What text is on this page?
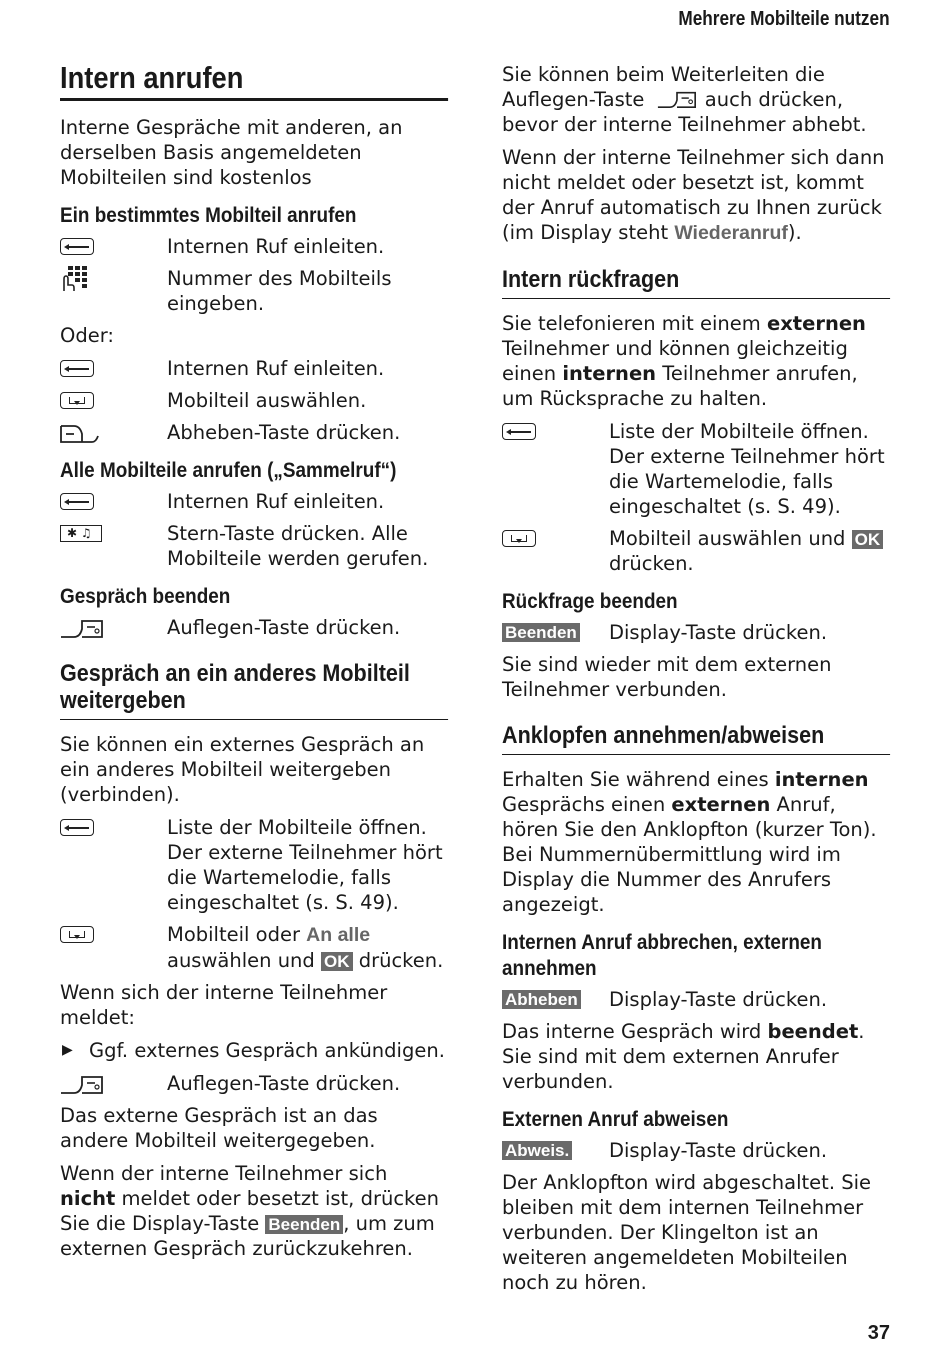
Mehrere Mobilteile nutzen
Intern anrufen

Interne Gespräche mit anderen, an derselben Basis angemeldeten Mobilteilen sind kostenlos

Ein bestimmtes Mobilteil anrufen
Internen Ruf einleiten.
Nummer des Mobilteils eingeben.

Oder:

Internen Ruf einleiten.
Mobilteil auswählen.
Abheben-Taste drücken.
Alle Mobilteile anrufen („Sammelruf“)
Internen Ruf einleiten.
✱ ♫	Stern-Taste drücken. Alle Mobilteile werden gerufen.
Gespräch beenden
Auflegen-Taste drücken.
Gespräch an ein anderes Mobilteil weitergeben

Sie können ein externes Gespräch an ein anderes Mobilteil weitergeben (verbinden).

Liste der Mobilteile öffnen. Der externe Teilnehmer hört die Wartemelodie, falls eingeschaltet (s. S. 49).
Mobilteil oder An alle auswählen und OK drücken.

Wenn sich der interne Teilnehmer meldet:

▶ Ggf. externes Gespräch ankündigen.
Auflegen-Taste drücken.

Das externe Gespräch ist an das andere Mobilteil weitergegeben.

Wenn der interne Teilnehmer sich nicht meldet oder besetzt ist, drücken Sie die Display-Taste Beenden , um zum externen Gespräch zurückzukehren.

Sie können beim Weiterleiten die Auflegen-Taste	auch drücken, bevor der interne Teilnehmer abhebt.

Wenn der interne Teilnehmer sich dann nicht meldet oder besetzt ist, kommt der Anruf automatisch zu Ihnen zurück (im Display steht Wiederanruf).

Intern rückfragen

Sie telefonieren mit einem externen Teilnehmer und können gleichzeitig einen internen Teilnehmer anrufen, um Rücksprache zu halten.

Liste der Mobilteile öffnen. Der externe Teilnehmer hört die Wartemelodie, falls eingeschaltet (s. S. 49).
Mobilteil auswählen und OK drücken.
Rückfrage beenden
Beenden Display-Taste drücken.

Sie sind wieder mit dem externen Teilnehmer verbunden.

Anklopfen annehmen/abweisen

Erhalten Sie während eines internen Gesprächs einen externen Anruf, hören Sie den Anklopfton (kurzer Ton). Bei Nummernübermittlung wird im Display die Nummer des Anrufers angezeigt.

Internen Anruf abbrechen, externen annehmen
Abheben Display-Taste drücken.

Das interne Gespräch wird beendet. Sie sind mit dem externen Anrufer verbunden.

Externen Anruf abweisen
Abweis. Display-Taste drücken.

Der Anklopfton wird abgeschaltet. Sie bleiben mit dem internen Teilnehmer verbunden. Der Klingelton ist an weiteren angemeldeten Mobilteilen noch zu hören.

37
